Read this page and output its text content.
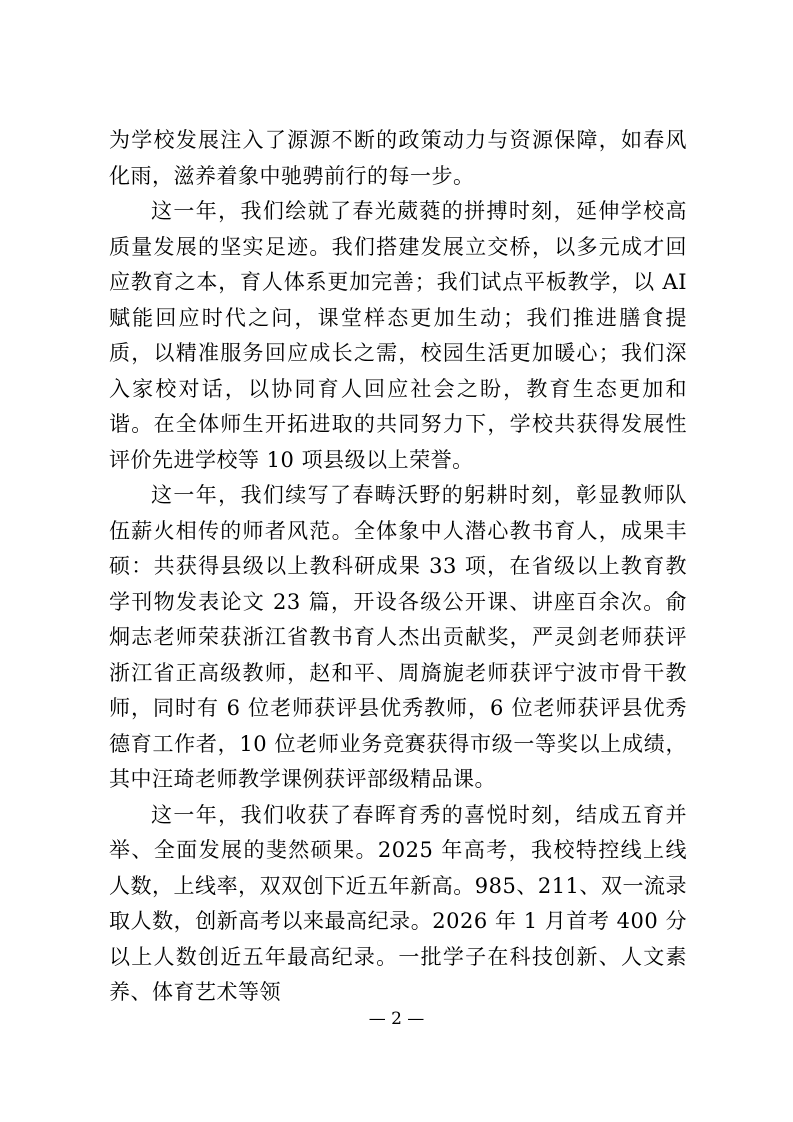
为学校发展注入了源源不断的政策动力与资源保障，如春风化雨，滋养着象中驰骋前行的每一步。

这一年，我们绘就了春光葳蕤的拼搏时刻，延伸学校高质量发展的坚实足迹。我们搭建发展立交桥，以多元成才回应教育之本，育人体系更加完善；我们试点平板教学，以 AI 赋能回应时代之问，课堂样态更加生动；我们推进膳食提质，以精准服务回应成长之需，校园生活更加暖心；我们深入家校对话，以协同育人回应社会之盼，教育生态更加和谐。在全体师生开拓进取的共同努力下，学校共获得发展性评价先进学校等 10 项县级以上荣誉。

这一年，我们续写了春畴沃野的躬耕时刻，彰显教师队伍薪火相传的师者风范。全体象中人潜心教书育人，成果丰硕：共获得县级以上教科研成果 33 项，在省级以上教育教学刊物发表论文 23 篇，开设各级公开课、讲座百余次。俞炯志老师荣获浙江省教书育人杰出贡献奖，严灵剑老师获评浙江省正高级教师，赵和平、周旖旎老师获评宁波市骨干教师，同时有 6 位老师获评县优秀教师，6 位老师获评县优秀德育工作者，10 位老师业务竞赛获得市级一等奖以上成绩，其中汪琦老师教学课例获评部级精品课。

这一年，我们收获了春晖育秀的喜悦时刻，结成五育并举、全面发展的斐然硕果。2025 年高考，我校特控线上线人数，上线率，双双创下近五年新高。985、211、双一流录取人数，创新高考以来最高纪录。2026 年 1 月首考 400 分以上人数创近五年最高纪录。一批学子在科技创新、人文素养、体育艺术等领

— 2 —
